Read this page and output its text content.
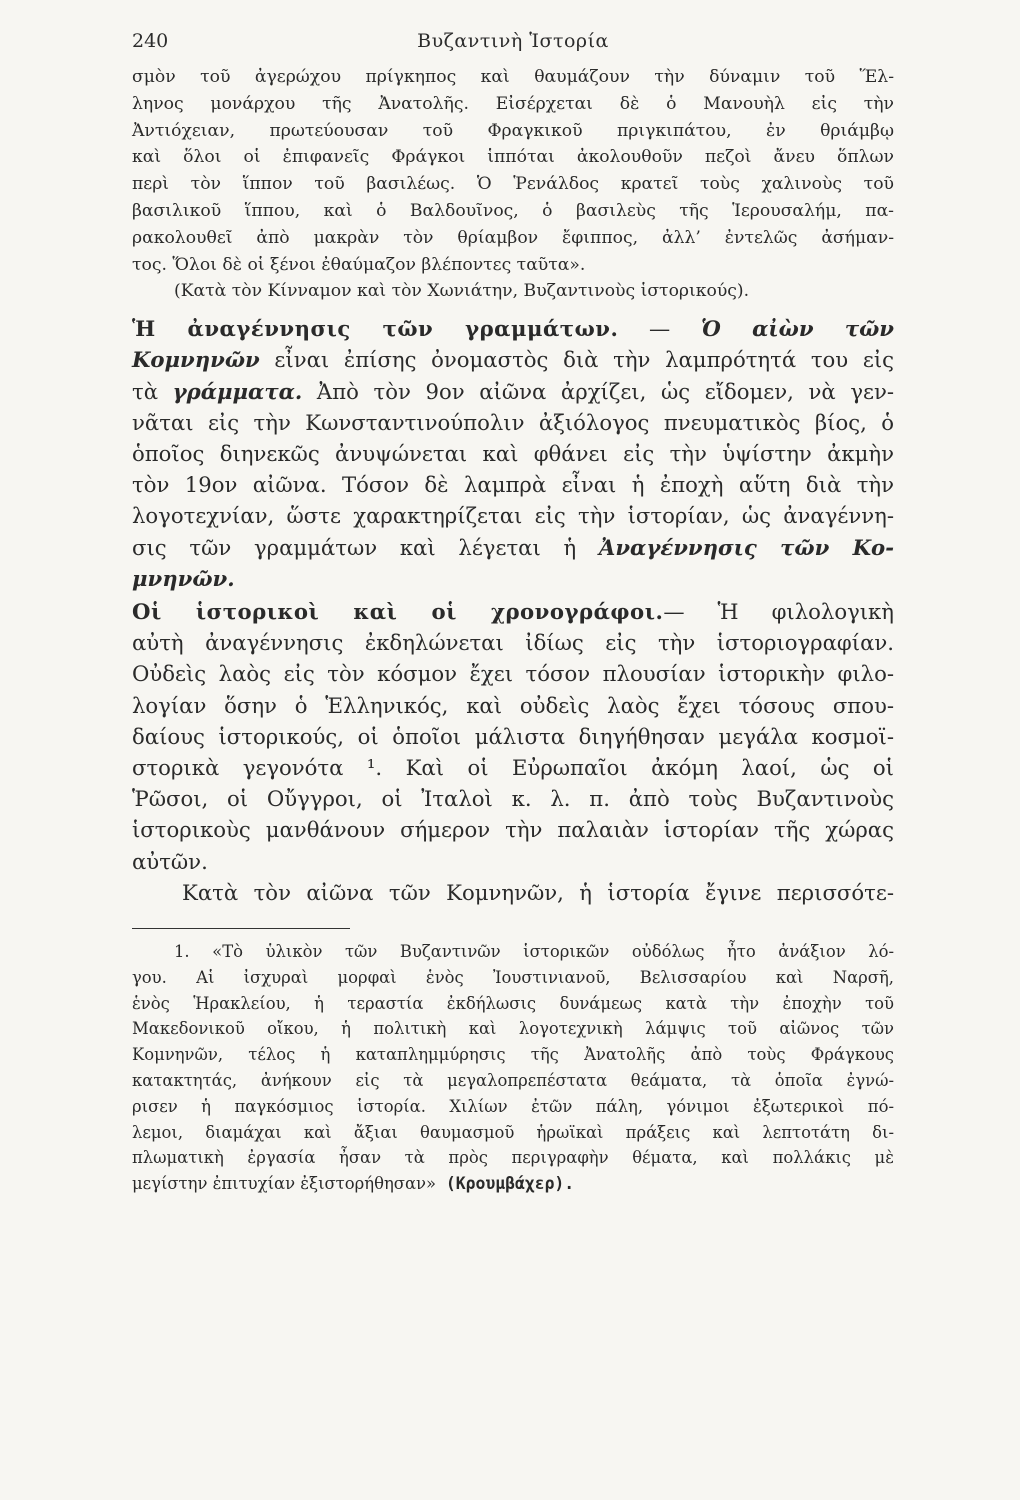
240	Βυζαντινὴ Ἱστορία
σμὸν τοῦ ἀγερώχου πρίγκηπος καὶ θαυμάζουν τὴν δύναμιν τοῦ Ἕλ-
ληνος μονάρχου τῆς Ἀνατολῆς. Εἰσέρχεται δὲ ὁ Μανουὴλ εἰς τὴν
Ἀντιόχειαν, πρωτεύουσαν τοῦ Φραγκικοῦ πριγκιπάτου, ἐν θριάμβῳ
καὶ ὅλοι οἱ ἐπιφανεῖς Φράγκοι ἱππόται ἀκολουθοῦν πεζοὶ ἄνευ ὅπλων
περὶ τὸν ἵππον τοῦ βασιλέως. Ὁ Ῥενάλδος κρατεῖ τοὺς χαλινοὺς τοῦ
βασιλικοῦ ἵππου, καὶ ὁ Βαλδουῖνος, ὁ βασιλεὺς τῆς Ἱερουσαλήμ, πα-
ρακολουθεῖ ἀπὸ μακρὰν τὸν θρίαμβον ἔφιππος, ἀλλ’ ἐντελῶς ἀσήμαν-
τος. Ὅλοι δὲ οἱ ξένοι ἐθαύμαζον βλέποντες ταῦτα».

(Κατὰ τὸν Κίνναμον καὶ τὸν Χωνιάτην, Βυζαντινοὺς ἱστορικούς).

Ἡ ἀναγέννησις τῶν γραμμάτων. — Ὁ αἰὼν τῶν
Κομνηνῶν εἶναι ἐπίσης ὀνομαστὸς διὰ τὴν λαμπρότητά του εἰς
τὰ γράμματα. Ἀπὸ τὸν 9ον αἰῶνα ἀρχίζει, ὡς εἴδομεν, νὰ γεν-
νᾶται εἰς τὴν Κωνσταντινούπολιν ἀξιόλογος πνευματικὸς βίος, ὁ
ὁποῖος διηνεκῶς ἀνυψώνεται καὶ φθάνει εἰς τὴν ὑψίστην ἀκμὴν
τὸν 19ον αἰῶνα. Τόσον δὲ λαμπρὰ εἶναι ἡ ἐποχὴ αὕτη διὰ τὴν
λογοτεχνίαν, ὥστε χαρακτηρίζεται εἰς τὴν ἱστορίαν, ὡς ἀναγέννη-
σις τῶν γραμμάτων καὶ λέγεται ἡ Ἀναγέννησις τῶν Κο-
μνηνῶν.
Οἱ ἱστορικοὶ καὶ οἱ χρονογράφοι.— Ἡ φιλολογικὴ
αὐτὴ ἀναγέννησις ἐκδηλώνεται ἰδίως εἰς τὴν ἱστοριογραφίαν.
Οὐδεὶς λαὸς εἰς τὸν κόσμον ἔχει τόσον πλουσίαν ἱστορικὴν φιλο-
λογίαν ὅσην ὁ Ἑλληνικός, καὶ οὐδεὶς λαὸς ἔχει τόσους σπου-
δαίους ἱστορικούς, οἱ ὁποῖοι μάλιστα διηγήθησαν μεγάλα κοσμοϊ-
στορικὰ γεγονότα ¹. Καὶ οἱ Εὐρωπαῖοι ἀκόμη λαοί, ὡς οἱ
Ῥῶσοι, οἱ Οὔγγροι, οἱ Ἰταλοὶ κ. λ. π. ἀπὸ τοὺς Βυζαντινοὺς
ἱστορικοὺς μανθάνουν σήμερον τὴν παλαιὰν ἱστορίαν τῆς χώρας
αὐτῶν.
Κατὰ τὸν αἰῶνα τῶν Κομνηνῶν, ἡ ἱστορία ἔγινε περισσότε-
1. «Τὸ ὑλικὸν τῶν Βυζαντινῶν ἱστορικῶν οὐδόλως ἦτο ἀνάξιον λό-
γου. Αἱ ἰσχυραὶ μορφαὶ ἑνὸς Ἰουστινιανοῦ, Βελισσαρίου καὶ Ναρσῆ,
ἑνὸς Ἡρακλείου, ἡ τεραστία ἐκδήλωσις δυνάμεως κατὰ τὴν ἐποχὴν τοῦ
Μακεδονικοῦ οἴκου, ἡ πολιτικὴ καὶ λογοτεχνικὴ λάμψις τοῦ αἰῶνος τῶν
Κομνηνῶν, τέλος ἡ καταπλημμύρησις τῆς Ἀνατολῆς ἀπὸ τοὺς Φράγκους
κατακτητάς, ἀνήκουν εἰς τὰ μεγαλοπρεπέστατα θεάματα, τὰ ὁποῖα ἐγνώ-
ρισεν ἡ παγκόσμιος ἱστορία. Χιλίων ἐτῶν πάλη, γόνιμοι ἐξωτερικοὶ πό-
λεμοι, διαμάχαι καὶ ἄξιαι θαυμασμοῦ ἡρωϊκαὶ πράξεις καὶ λεπτοτάτη δι-
πλωματικὴ ἐργασία ἦσαν τὰ πρὸς περιγραφὴν θέματα, καὶ πολλάκις μὲ
μεγίστην ἐπιτυχίαν ἐξιστορήθησαν» (Κρουμβάχερ).
